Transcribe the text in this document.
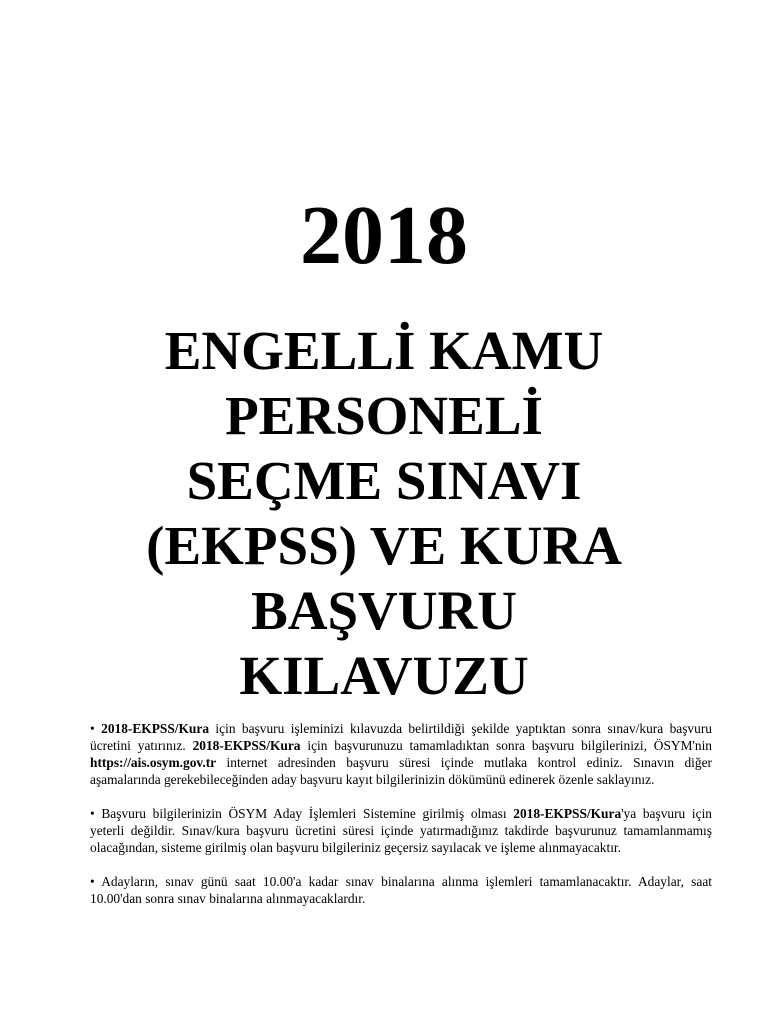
2018
ENGELLİ KAMU
PERSONELİ
SEÇME SINAVI
(EKPSS) VE KURA
BAŞVURU
KILAVUZU

• 2018-EKPSS/Kura için başvuru işleminizi kılavuzda belirtildiği şekilde yaptıktan sonra sınav/kura başvuru ücretini yatırınız. 2018-EKPSS/Kura için başvurunuzu tamamladıktan sonra başvuru bilgilerinizi, ÖSYM'nin https://ais.osym.gov.tr internet adresinden başvuru süresi içinde mutlaka kontrol ediniz. Sınavın diğer aşamalarında gerekebileceğinden aday başvuru kayıt bilgilerinizin dökümünü edinerek özenle saklayınız.

• Başvuru bilgilerinizin ÖSYM Aday İşlemleri Sistemine girilmiş olması 2018-EKPSS/Kura'ya başvuru için yeterli değildir. Sınav/kura başvuru ücretini süresi içinde yatırmadığınız takdirde başvurunuz tamamlanmamış olacağından, sisteme girilmiş olan başvuru bilgileriniz geçersiz sayılacak ve işleme alınmayacaktır.

• Adayların, sınav günü saat 10.00'a kadar sınav binalarına alınma işlemleri tamamlanacaktır. Adaylar, saat 10.00'dan sonra sınav binalarına alınmayacaklardır.
